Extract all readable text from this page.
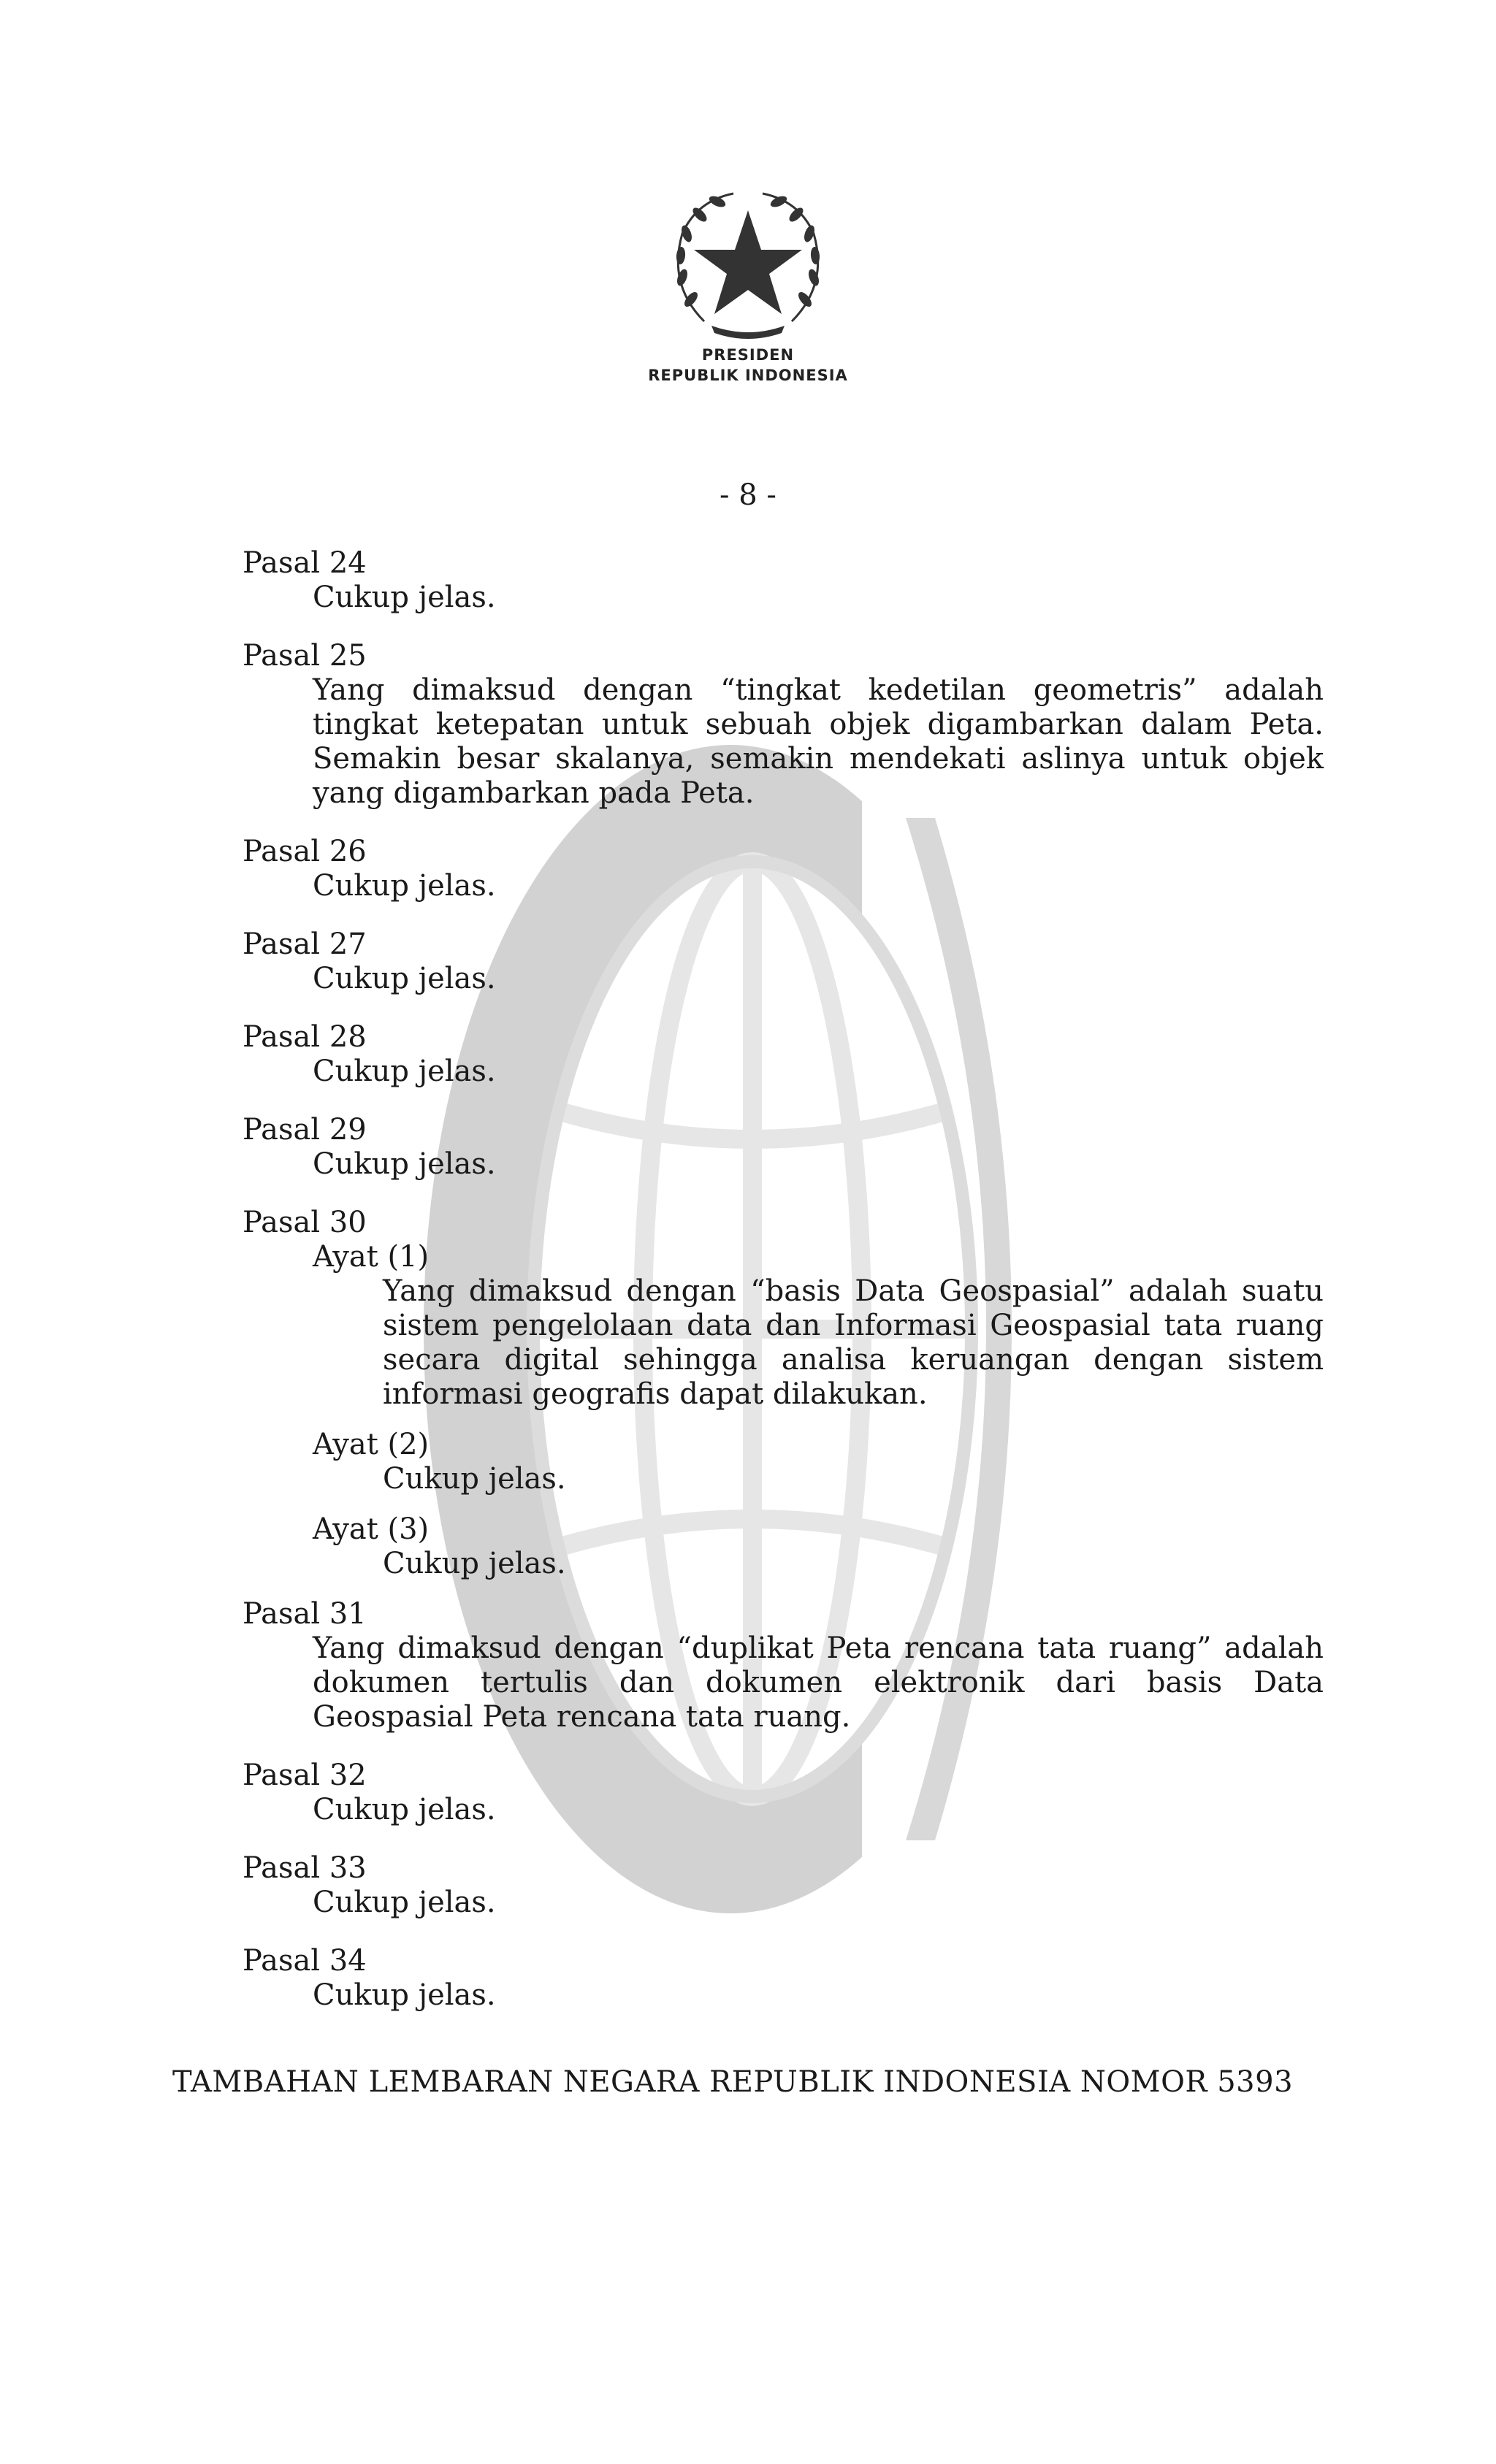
PRESIDEN
REPUBLIK INDONESIA
- 8 -
Pasal 24
Cukup jelas.
Pasal 25
Yang dimaksud dengan “tingkat kedetilan geometris” adalah tingkat ketepatan untuk sebuah objek digambarkan dalam Peta. Semakin besar skalanya, semakin mendekati aslinya untuk objek yang digambarkan pada Peta.
Pasal 26
Cukup jelas.
Pasal 27
Cukup jelas.
Pasal 28
Cukup jelas.
Pasal 29
Cukup jelas.
Pasal 30
Ayat (1)
Yang dimaksud dengan “basis Data Geospasial” adalah suatu sistem pengelolaan data dan Informasi Geospasial tata ruang secara digital sehingga analisa keruangan dengan sistem informasi geografis dapat dilakukan.
Ayat (2)
Cukup jelas.
Ayat (3)
Cukup jelas.
Pasal 31
Yang dimaksud dengan “duplikat Peta rencana tata ruang” adalah dokumen tertulis dan dokumen elektronik dari basis Data Geospasial Peta rencana tata ruang.
Pasal 32
Cukup jelas.
Pasal 33
Cukup jelas.
Pasal 34
Cukup jelas.
TAMBAHAN LEMBARAN NEGARA REPUBLIK INDONESIA NOMOR 5393
